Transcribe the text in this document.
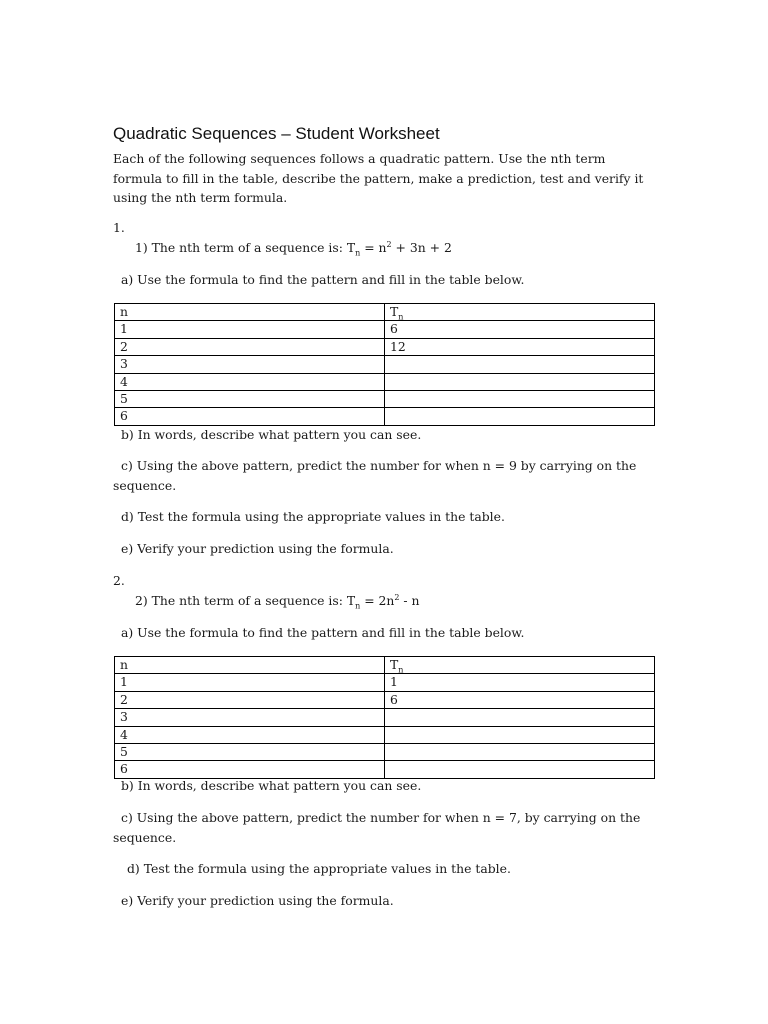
Quadratic Sequences – Student Worksheet
Each of the following sequences follows a quadratic pattern. Use the nth term formula to fill in the table, describe the pattern, make a prediction, test and verify it using the nth term formula.
1.
1) The nth term of a sequence is: $T_n = n^2 + 3n + 2$
a) Use the formula to find the pattern and fill in the table below.
n	$T_n$
1	6
2	12
3	
4	
5	
6	
b) In words, describe what pattern you can see.
c) Using the above pattern, predict the number for when n = 9 by carrying on the sequence.
d) Test the formula using the appropriate values in the table.
e) Verify your prediction using the formula.
2.
2) The nth term of a sequence is: $T_n = 2n^2 - n$
a) Use the formula to find the pattern and fill in the table below.
n	$T_n$
1	1
2	6
3	
4	
5	
6	
b) In words, describe what pattern you can see.
c) Using the above pattern, predict the number for when n = 7, by carrying on the sequence.
d) Test the formula using the appropriate values in the table.
e) Verify your prediction using the formula.
